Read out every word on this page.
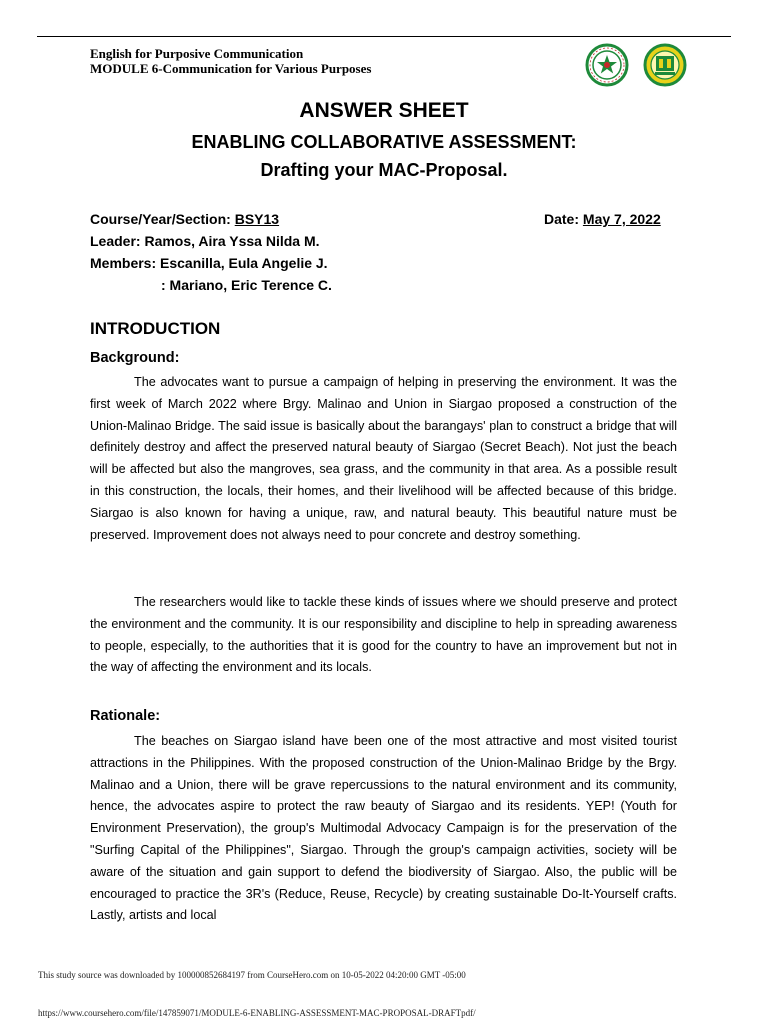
English for Purposive Communication
MODULE 6-Communication for Various Purposes
ANSWER SHEET
ENABLING COLLABORATIVE ASSESSMENT:
Drafting your MAC-Proposal.
Course/Year/Section: BSY13	Date: May 7, 2022
Leader: Ramos, Aira Yssa Nilda M.
Members: Escanilla, Eula Angelie J.
: Mariano, Eric Terence C.
INTRODUCTION
Background:

The advocates want to pursue a campaign of helping in preserving the environment. It was the first week of March 2022 where Brgy. Malinao and Union in Siargao proposed a construction of the Union-Malinao Bridge. The said issue is basically about the barangays' plan to construct a bridge that will definitely destroy and affect the preserved natural beauty of Siargao (Secret Beach). Not just the beach will be affected but also the mangroves, sea grass, and the community in that area. As a possible result in this construction, the locals, their homes, and their livelihood will be affected because of this bridge. Siargao is also known for having a unique, raw, and natural beauty. This beautiful nature must be preserved. Improvement does not always need to pour concrete and destroy something.

The researchers would like to tackle these kinds of issues where we should preserve and protect the environment and the community. It is our responsibility and discipline to help in spreading awareness to people, especially, to the authorities that it is good for the country to have an improvement but not in the way of affecting the environment and its locals.

Rationale:

The beaches on Siargao island have been one of the most attractive and most visited tourist attractions in the Philippines. With the proposed construction of the Union-Malinao Bridge by the Brgy. Malinao and a Union, there will be grave repercussions to the natural environment and its community, hence, the advocates aspire to protect the raw beauty of Siargao and its residents. YEP! (Youth for Environment Preservation), the group's Multimodal Advocacy Campaign is for the preservation of the "Surfing Capital of the Philippines", Siargao. Through the group's campaign activities, society will be aware of the situation and gain support to defend the biodiversity of Siargao. Also, the public will be encouraged to practice the 3R's (Reduce, Reuse, Recycle) by creating sustainable Do-It-Yourself crafts. Lastly, artists and local

This study source was downloaded by 100000852684197 from CourseHero.com on 10-05-2022 04:20:00 GMT -05:00
https://www.coursehero.com/file/147859071/MODULE-6-ENABLING-ASSESSMENT-MAC-PROPOSAL-DRAFTpdf/
